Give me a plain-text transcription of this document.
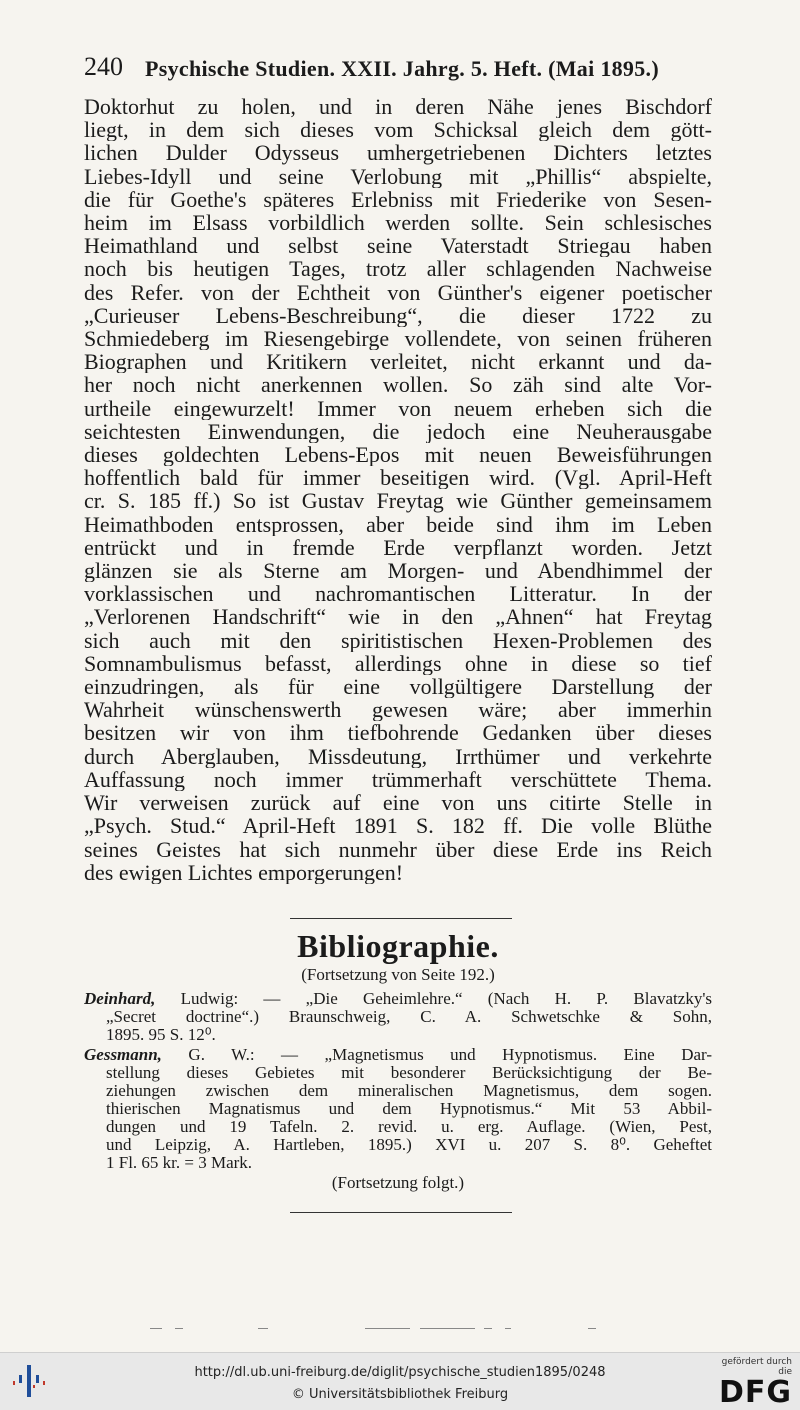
240 Psychische Studien. XXII. Jahrg. 5. Heft. (Mai 1895.)
Doktorhut zu holen, und in deren Nähe jenes Bischdorf
liegt, in dem sich dieses vom Schicksal gleich dem gött-
lichen Dulder Odysseus umhergetriebenen Dichters letztes
Liebes-Idyll und seine Verlobung mit „Phillis“ abspielte,
die für Goethe's späteres Erlebniss mit Friederike von Sesen-
heim im Elsass vorbildlich werden sollte. Sein schlesisches
Heimathland und selbst seine Vaterstadt Striegau haben
noch bis heutigen Tages, trotz aller schlagenden Nachweise
des Refer. von der Echtheit von Günther's eigener poetischer
„Curieuser Lebens-Beschreibung“, die dieser 1722 zu
Schmiedeberg im Riesengebirge vollendete, von seinen früheren
Biographen und Kritikern verleitet, nicht erkannt und da-
her noch nicht anerkennen wollen. So zäh sind alte Vor-
urtheile eingewurzelt! Immer von neuem erheben sich die
seichtesten Einwendungen, die jedoch eine Neuherausgabe
dieses goldechten Lebens-Epos mit neuen Beweisführungen
hoffentlich bald für immer beseitigen wird. (Vgl. April-Heft
cr. S. 185 ff.) So ist Gustav Freytag wie Günther gemeinsamem
Heimathboden entsprossen, aber beide sind ihm im Leben
entrückt und in fremde Erde verpflanzt worden. Jetzt
glänzen sie als Sterne am Morgen- und Abendhimmel der
vorklassischen und nachromantischen Litteratur. In der
„Verlorenen Handschrift“ wie in den „Ahnen“ hat Freytag
sich auch mit den spiritistischen Hexen-Problemen des
Somnambulismus befasst, allerdings ohne in diese so tief
einzudringen, als für eine vollgültigere Darstellung der
Wahrheit wünschenswerth gewesen wäre; aber immerhin
besitzen wir von ihm tiefbohrende Gedanken über dieses
durch Aberglauben, Missdeutung, Irrthümer und verkehrte
Auffassung noch immer trümmerhaft verschüttete Thema.
Wir verweisen zurück auf eine von uns citirte Stelle in
„Psych. Stud.“ April-Heft 1891 S. 182 ff. Die volle Blüthe
seines Geistes hat sich nunmehr über diese Erde ins Reich
des ewigen Lichtes emporgerungen!
Bibliographie.
(Fortsetzung von Seite 192.)
Deinhard, Ludwig: — „Die Geheimlehre.“ (Nach H. P. Blavatzky's
„Secret doctrine“.) Braunschweig, C. A. Schwetschke & Sohn,
1895. 95 S. 12⁰.
Gessmann, G. W.: — „Magnetismus und Hypnotismus. Eine Dar-
stellung dieses Gebietes mit besonderer Berücksichtigung der Be-
ziehungen zwischen dem mineralischen Magnetismus, dem sogen.
thierischen Magnatismus und dem Hypnotismus.“ Mit 53 Abbil-
dungen und 19 Tafeln. 2. revid. u. erg. Auflage. (Wien, Pest,
und Leipzig, A. Hartleben, 1895.) XVI u. 207 S. 8⁰. Geheftet
1 Fl. 65 kr. = 3 Mark.
(Fortsetzung folgt.)
http://dl.ub.uni-freiburg.de/diglit/psychische_studien1895/0248
© Universitätsbibliothek Freiburg
gefördert durch die
DFG
